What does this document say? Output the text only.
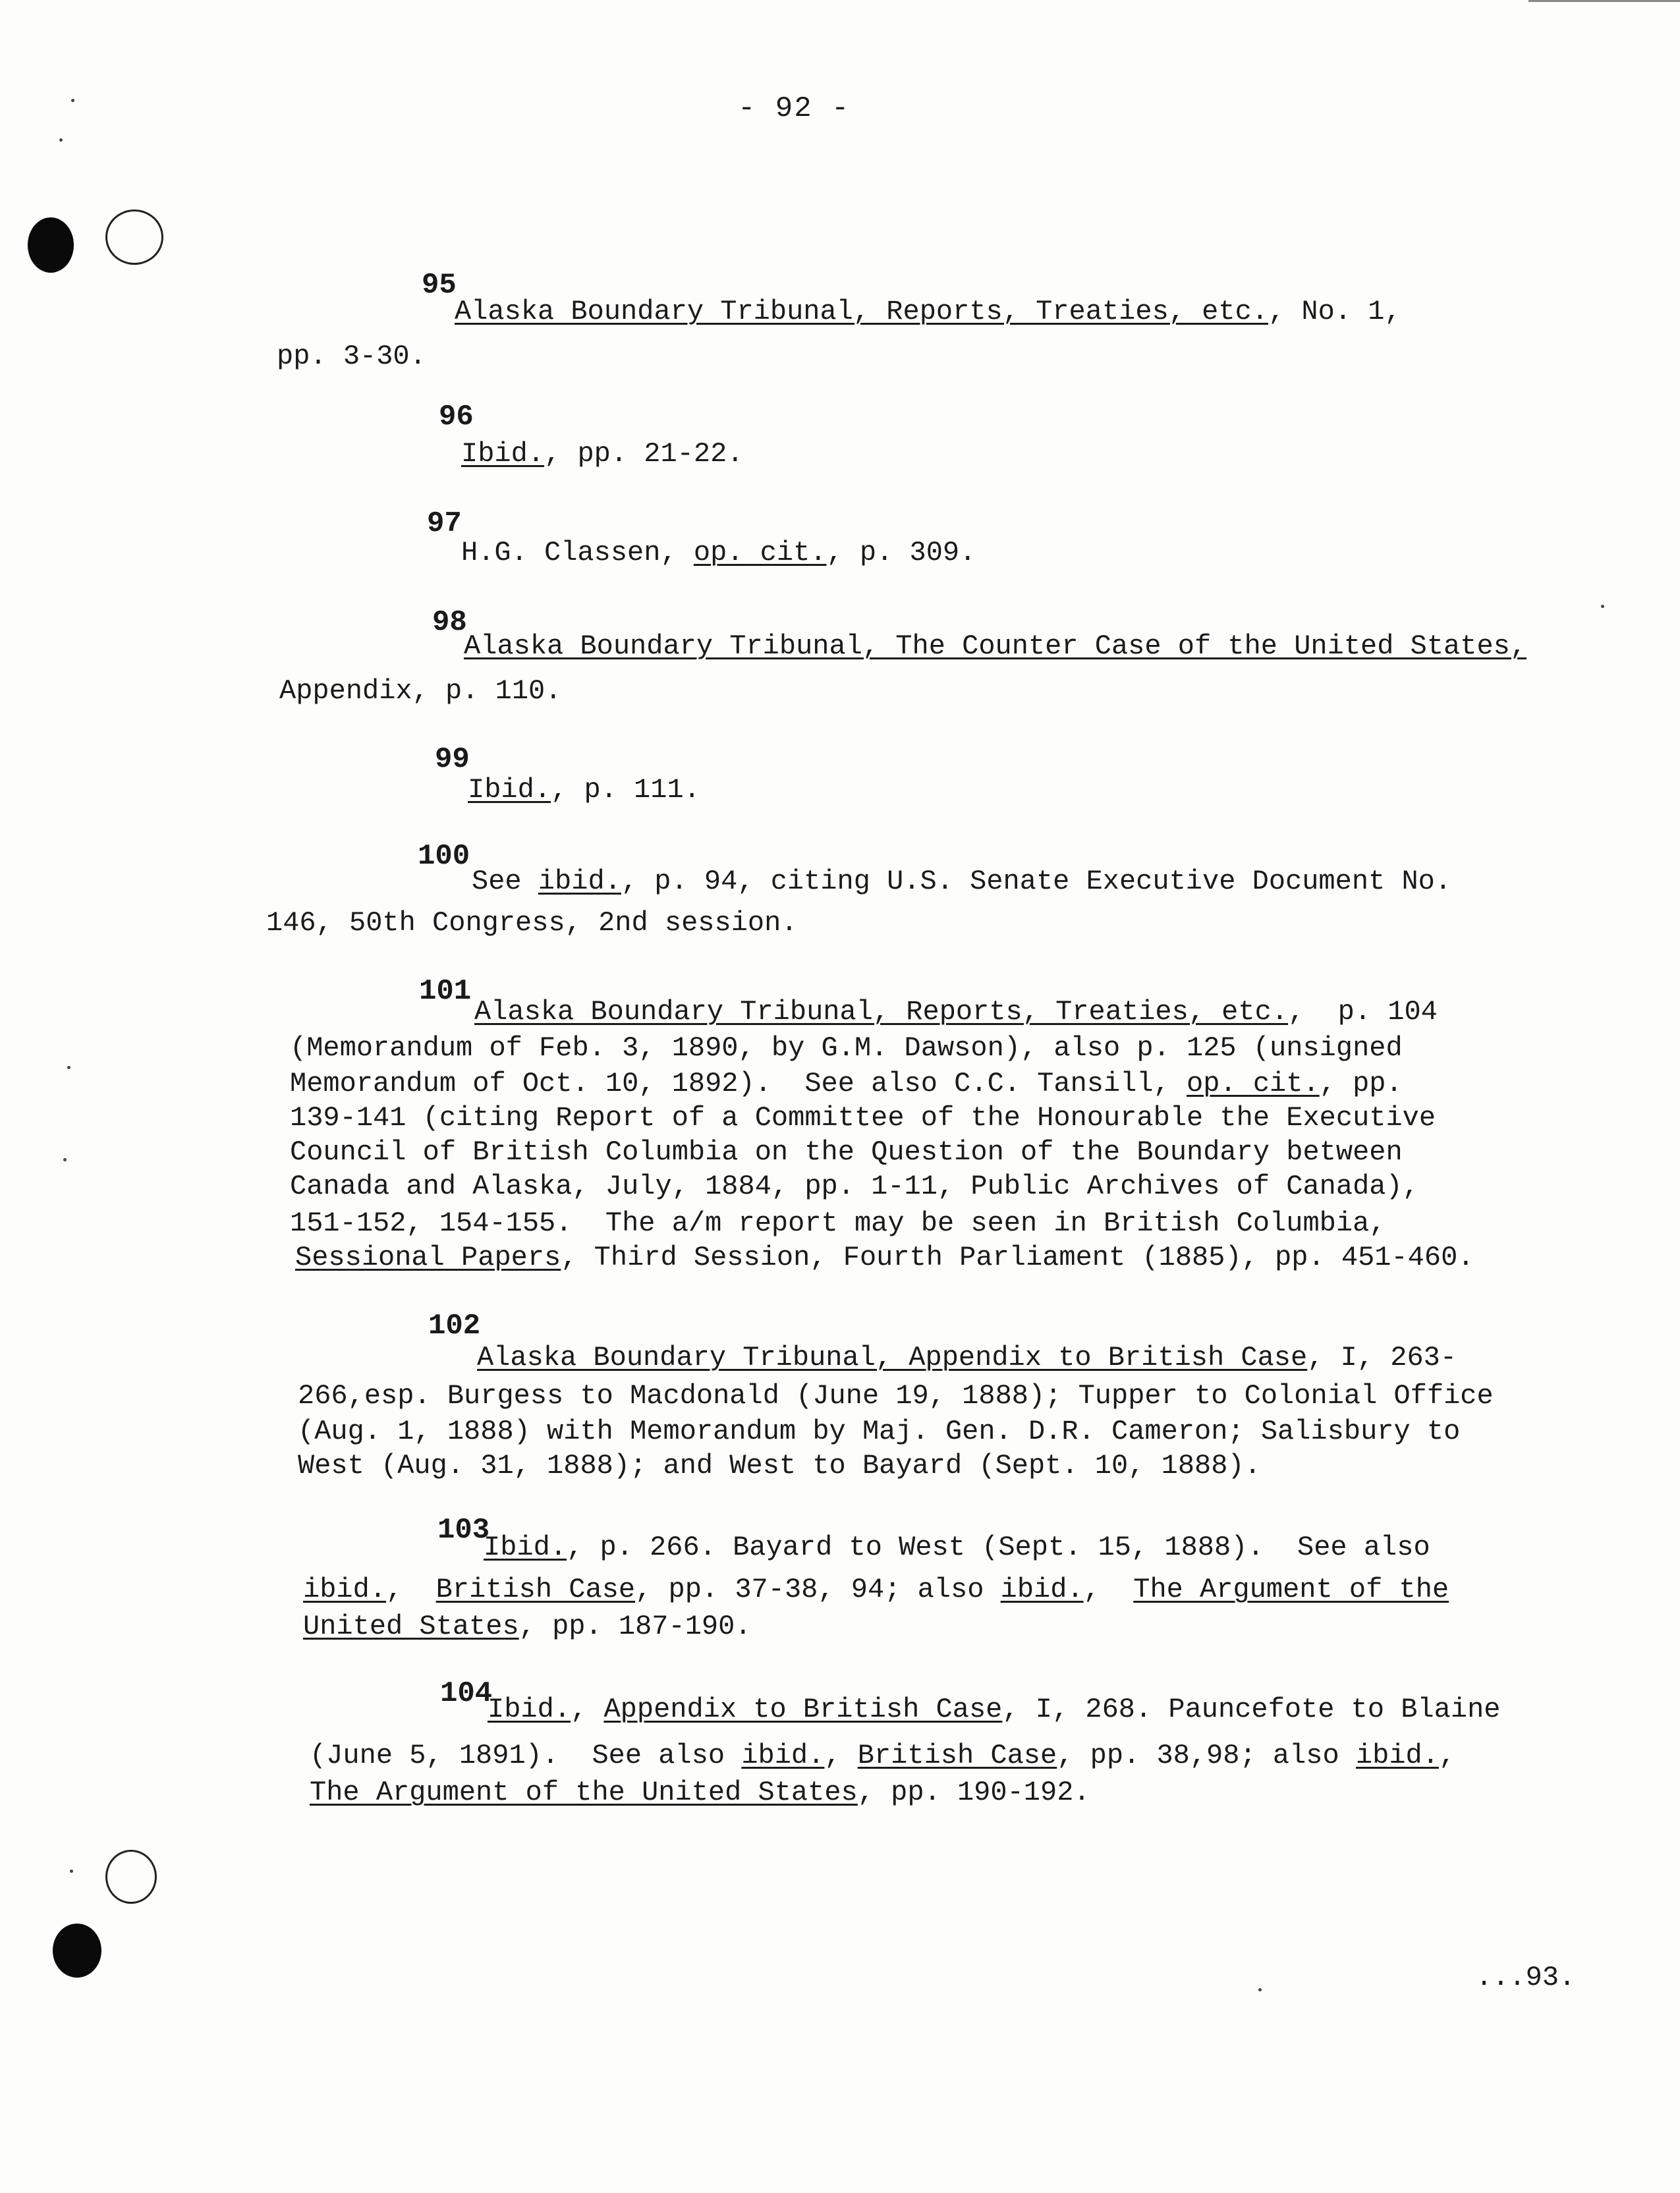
- 92 -
95
Alaska Boundary Tribunal, Reports, Treaties, etc., No. 1,
pp. 3-30.
96
Ibid., pp. 21-22.
97
H.G. Classen, op. cit., p. 309.
98
Alaska Boundary Tribunal, The Counter Case of the United States,
Appendix, p. 110.
99
Ibid., p. 111.
100
See ibid., p. 94, citing U.S. Senate Executive Document No.
146, 50th Congress, 2nd session.
101
Alaska Boundary Tribunal, Reports, Treaties, etc.,  p. 104
(Memorandum of Feb. 3, 1890, by G.M. Dawson), also p. 125 (unsigned
Memorandum of Oct. 10, 1892).  See also C.C. Tansill, op. cit., pp.
139-141 (citing Report of a Committee of the Honourable the Executive
Council of British Columbia on the Question of the Boundary between
Canada and Alaska, July, 1884, pp. 1-11, Public Archives of Canada),
151-152, 154-155.  The a/m report may be seen in British Columbia,
Sessional Papers, Third Session, Fourth Parliament (1885), pp. 451-460.
102
Alaska Boundary Tribunal, Appendix to British Case, I, 263-
266,esp. Burgess to Macdonald (June 19, 1888); Tupper to Colonial Office
(Aug. 1, 1888) with Memorandum by Maj. Gen. D.R. Cameron; Salisbury to
West (Aug. 31, 1888); and West to Bayard (Sept. 10, 1888).
103
Ibid., p. 266. Bayard to West (Sept. 15, 1888).  See also
ibid.,  British Case, pp. 37-38, 94; also ibid.,  The Argument of the
United States, pp. 187-190.
104
Ibid., Appendix to British Case, I, 268. Pauncefote to Blaine
(June 5, 1891).  See also ibid., British Case, pp. 38,98; also ibid.,
The Argument of the United States, pp. 190-192.
...93.
